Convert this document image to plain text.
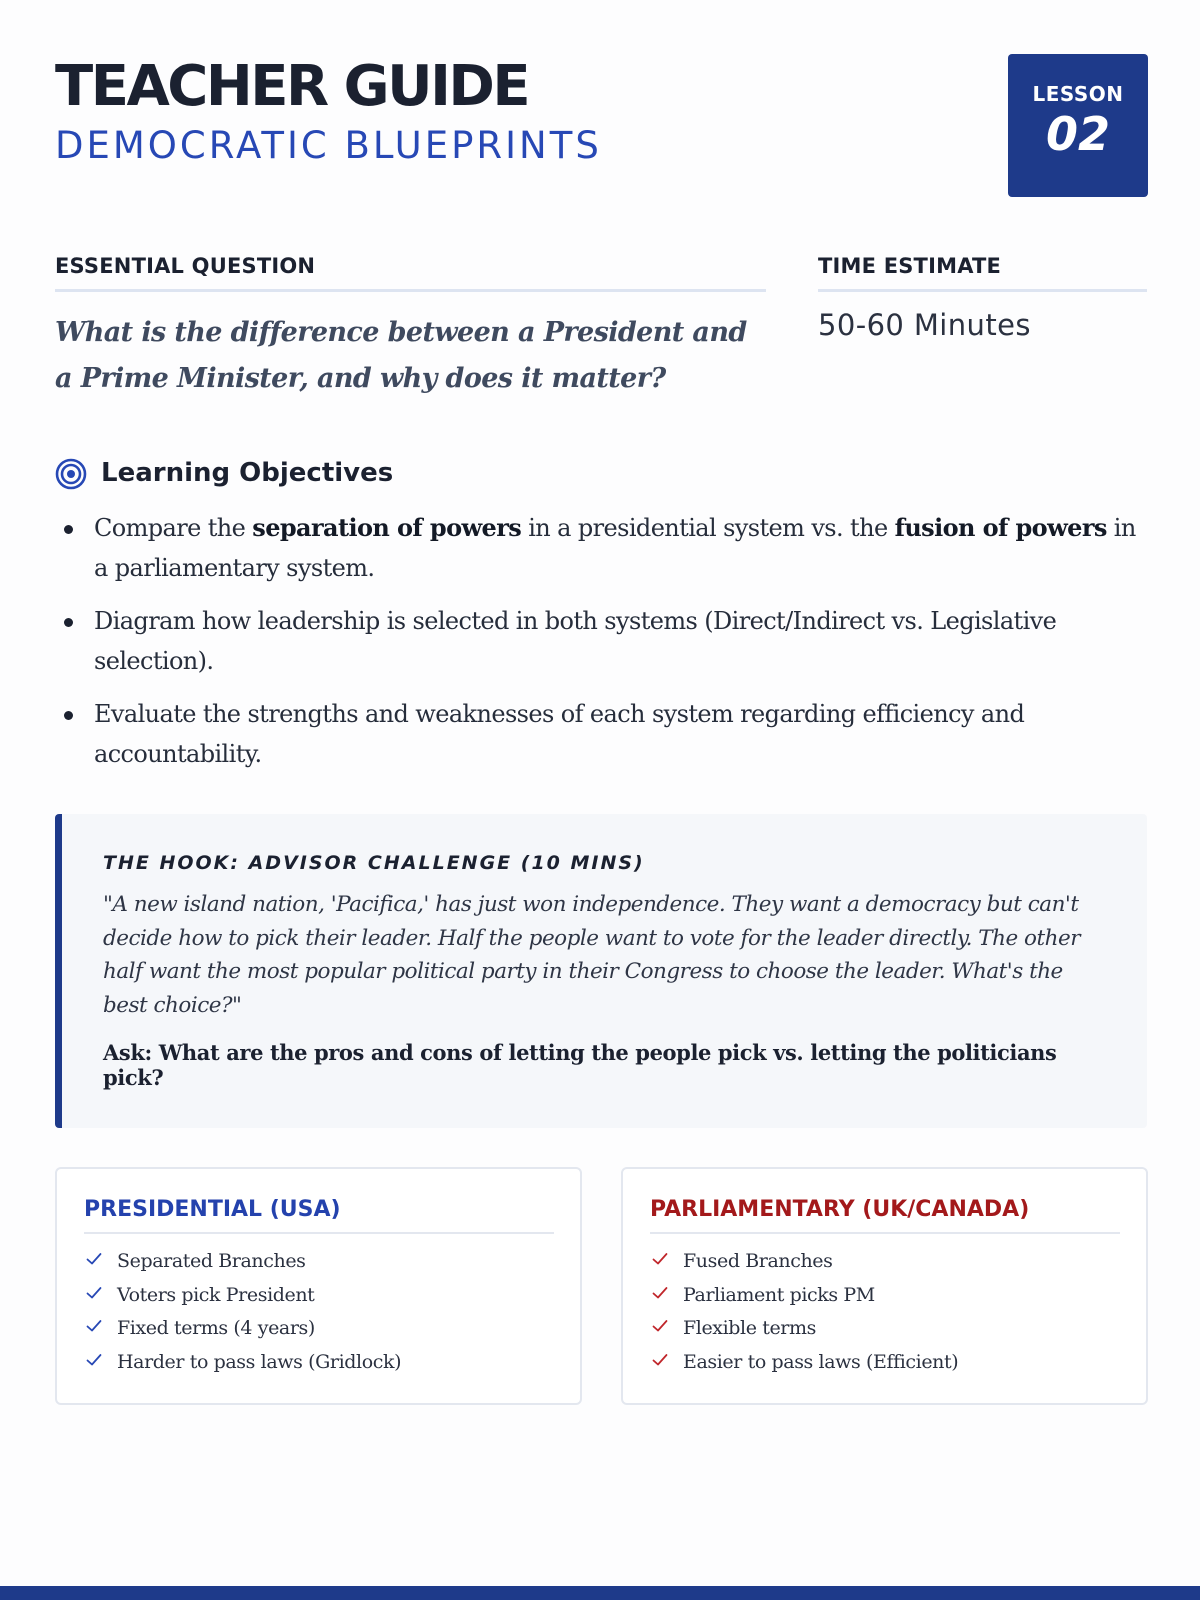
TEACHER GUIDE
DEMOCRATIC BLUEPRINTS
LESSON
02
ESSENTIAL QUESTION

What is the difference between a President and a Prime Minister, and why does it matter?

TIME ESTIMATE

50-60 Minutes

Learning Objectives
Compare the separation of powers in a presidential system vs. the fusion of powers in a parliamentary system.
Diagram how leadership is selected in both systems (Direct/Indirect vs. Legislative selection).
Evaluate the strengths and weaknesses of each system regarding efficiency and accountability.
THE HOOK: ADVISOR CHALLENGE (10 MINS)

"A new island nation, 'Pacifica,' has just won independence. They want a democracy but can't decide how to pick their leader. Half the people want to vote for the leader directly. The other half want the most popular political party in their Congress to choose the leader. What's the best choice?"

Ask: What are the pros and cons of letting the people pick vs. letting the politicians pick?

PRESIDENTIAL (USA)
Separated Branches
Voters pick President
Fixed terms (4 years)
Harder to pass laws (Gridlock)
PARLIAMENTARY (UK/CANADA)
Fused Branches
Parliament picks PM
Flexible terms
Easier to pass laws (Efficient)
